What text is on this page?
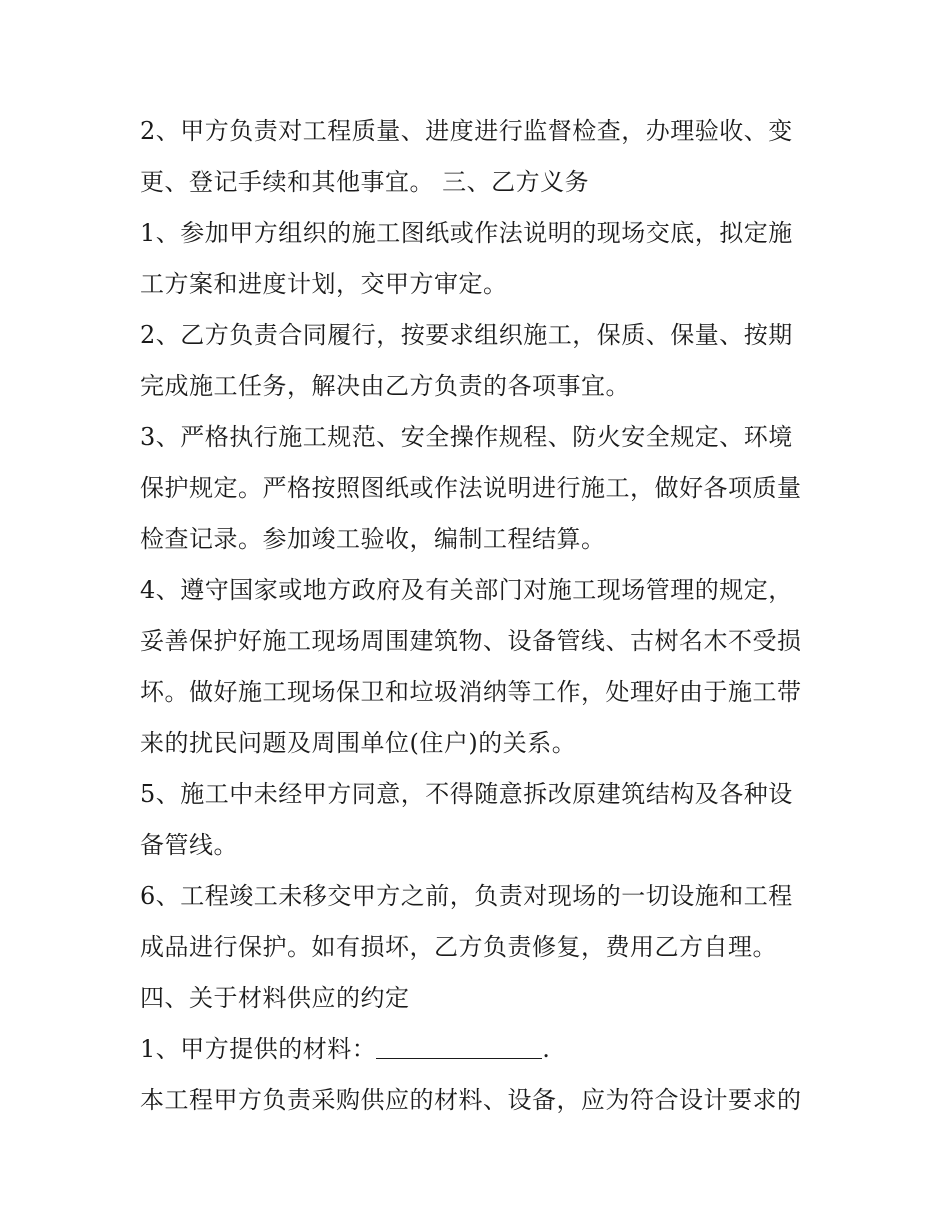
2、甲方负责对工程质量、进度进行监督检查，办理验收、变
更、登记手续和其他事宜。 三、乙方义务
1、参加甲方组织的施工图纸或作法说明的现场交底，拟定施
工方案和进度计划，交甲方审定。
2、乙方负责合同履行，按要求组织施工，保质、保量、按期
完成施工任务，解决由乙方负责的各项事宜。
3、严格执行施工规范、安全操作规程、防火安全规定、环境
保护规定。严格按照图纸或作法说明进行施工，做好各项质量
检查记录。参加竣工验收，编制工程结算。
4、遵守国家或地方政府及有关部门对施工现场管理的规定，
妥善保护好施工现场周围建筑物、设备管线、古树名木不受损
坏。做好施工现场保卫和垃圾消纳等工作，处理好由于施工带
来的扰民问题及周围单位(住户)的关系。
5、施工中未经甲方同意，不得随意拆改原建筑结构及各种设
备管线。
6、工程竣工未移交甲方之前，负责对现场的一切设施和工程
成品进行保护。如有损坏，乙方负责修复，费用乙方自理。
四、关于材料供应的约定
1、甲方提供的材料：	.
本工程甲方负责采购供应的材料、设备，应为符合设计要求的
